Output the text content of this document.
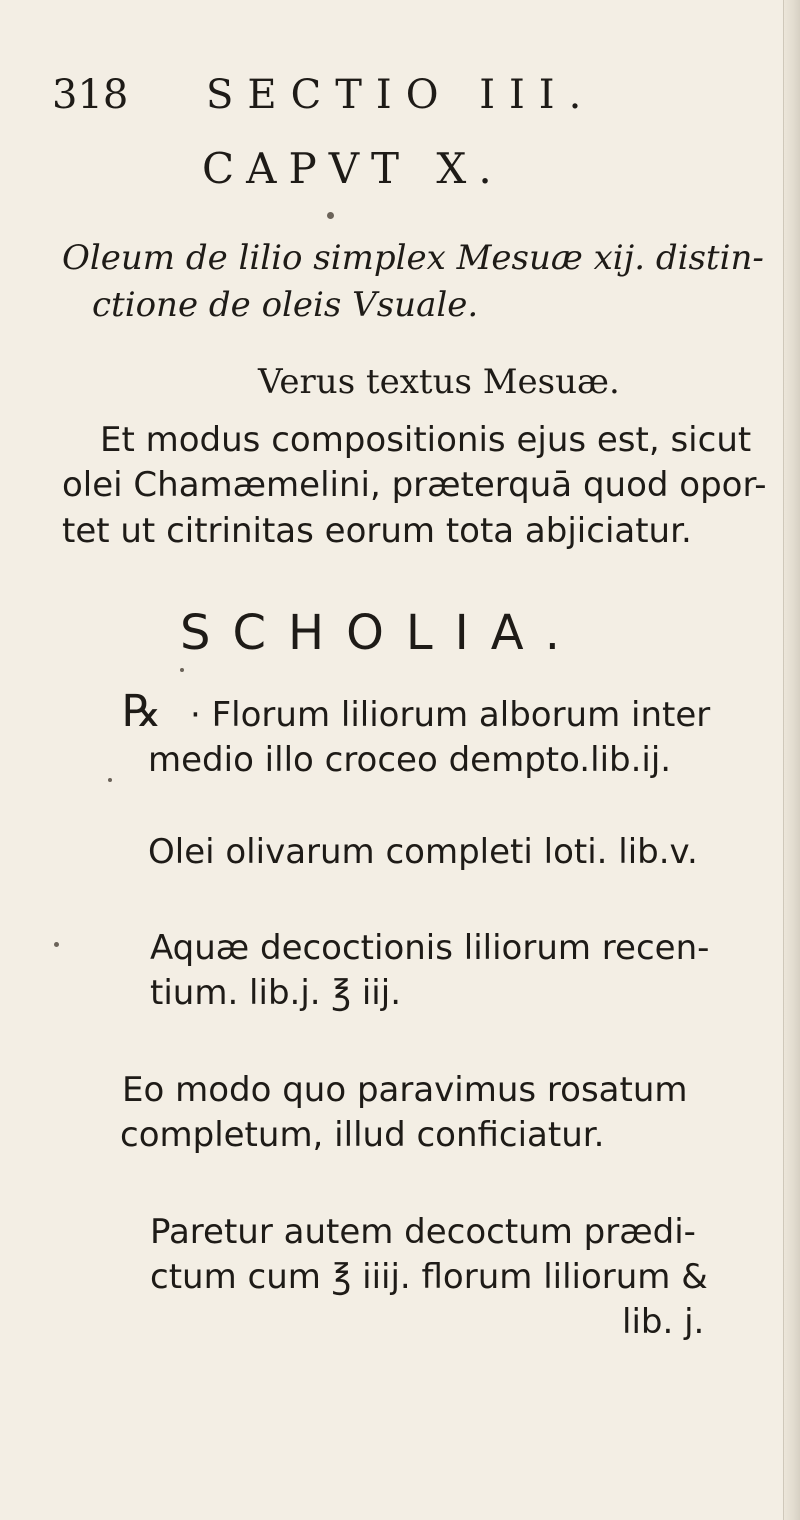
318 SECTIO III.
CAPVT X.
Oleum de lilio simplex Mesuæ xij. distin-
ctione de oleis Vsuale.
Verus textus Mesuæ.
Et modus compositionis ejus est, sicut
olei Chamæmelini, præterquā quod opor-
tet ut citrinitas eorum tota abjiciatur.
SCHOLIA.
℞ · Florum liliorum alborum inter
medio illo croceo dempto.lib.ij.
Olei olivarum completi loti. lib.v.
Aquæ decoctionis liliorum recen-
tium. lib.j. ℥ iij.
Eo modo quo paravimus rosatum
completum, illud conficiatur.
Paretur autem decoctum prædi-
ctum cum ℥ iiij. florum liliorum &
lib. j.
